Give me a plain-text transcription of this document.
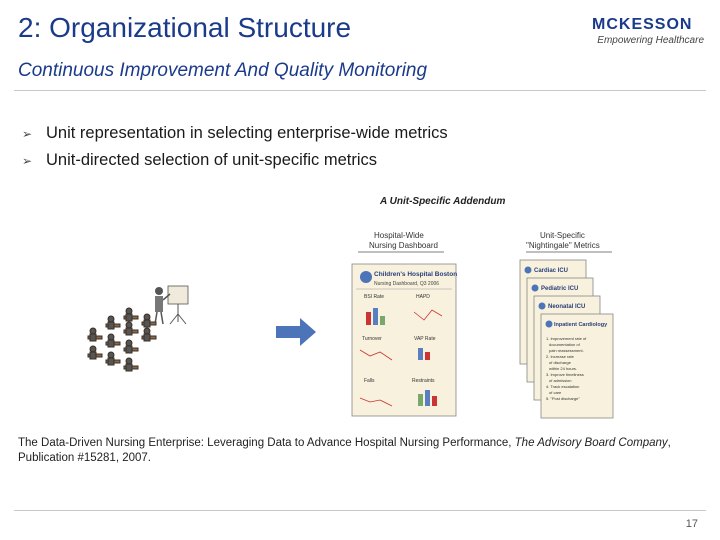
2: Organizational Structure
Continuous Improvement And Quality Monitoring
MCKESSON
Empowering Healthcare
➢ Unit representation in selecting enterprise-wide metrics
➢ Unit-directed selection of unit-specific metrics
A Unit-Specific Addendum
Hospital-Wide
Nursing Dashboard
Children's Hospital Boston
Nursing Dashboard, Q3 2006
BSI Rate	HAPD
Turnover	VAP Rate
Falls	Restraints
Unit-Specific
"Nightingale" Metrics
Cardiac ICU
Pediatric ICU
Neonatal ICU
Inpatient Cardiology
1. Improvement rate of
documentation of
pain reassessment.
2. Increase rate
of discharge
within 24 hours.
3. Improve timeliness
of admission
4. Track escalation
of care
5. "Post discharge"
The Data-Driven Nursing Enterprise: Leveraging Data to Advance Hospital Nursing Performance, The Advisory Board Company,
Publication #15281, 2007.
17
